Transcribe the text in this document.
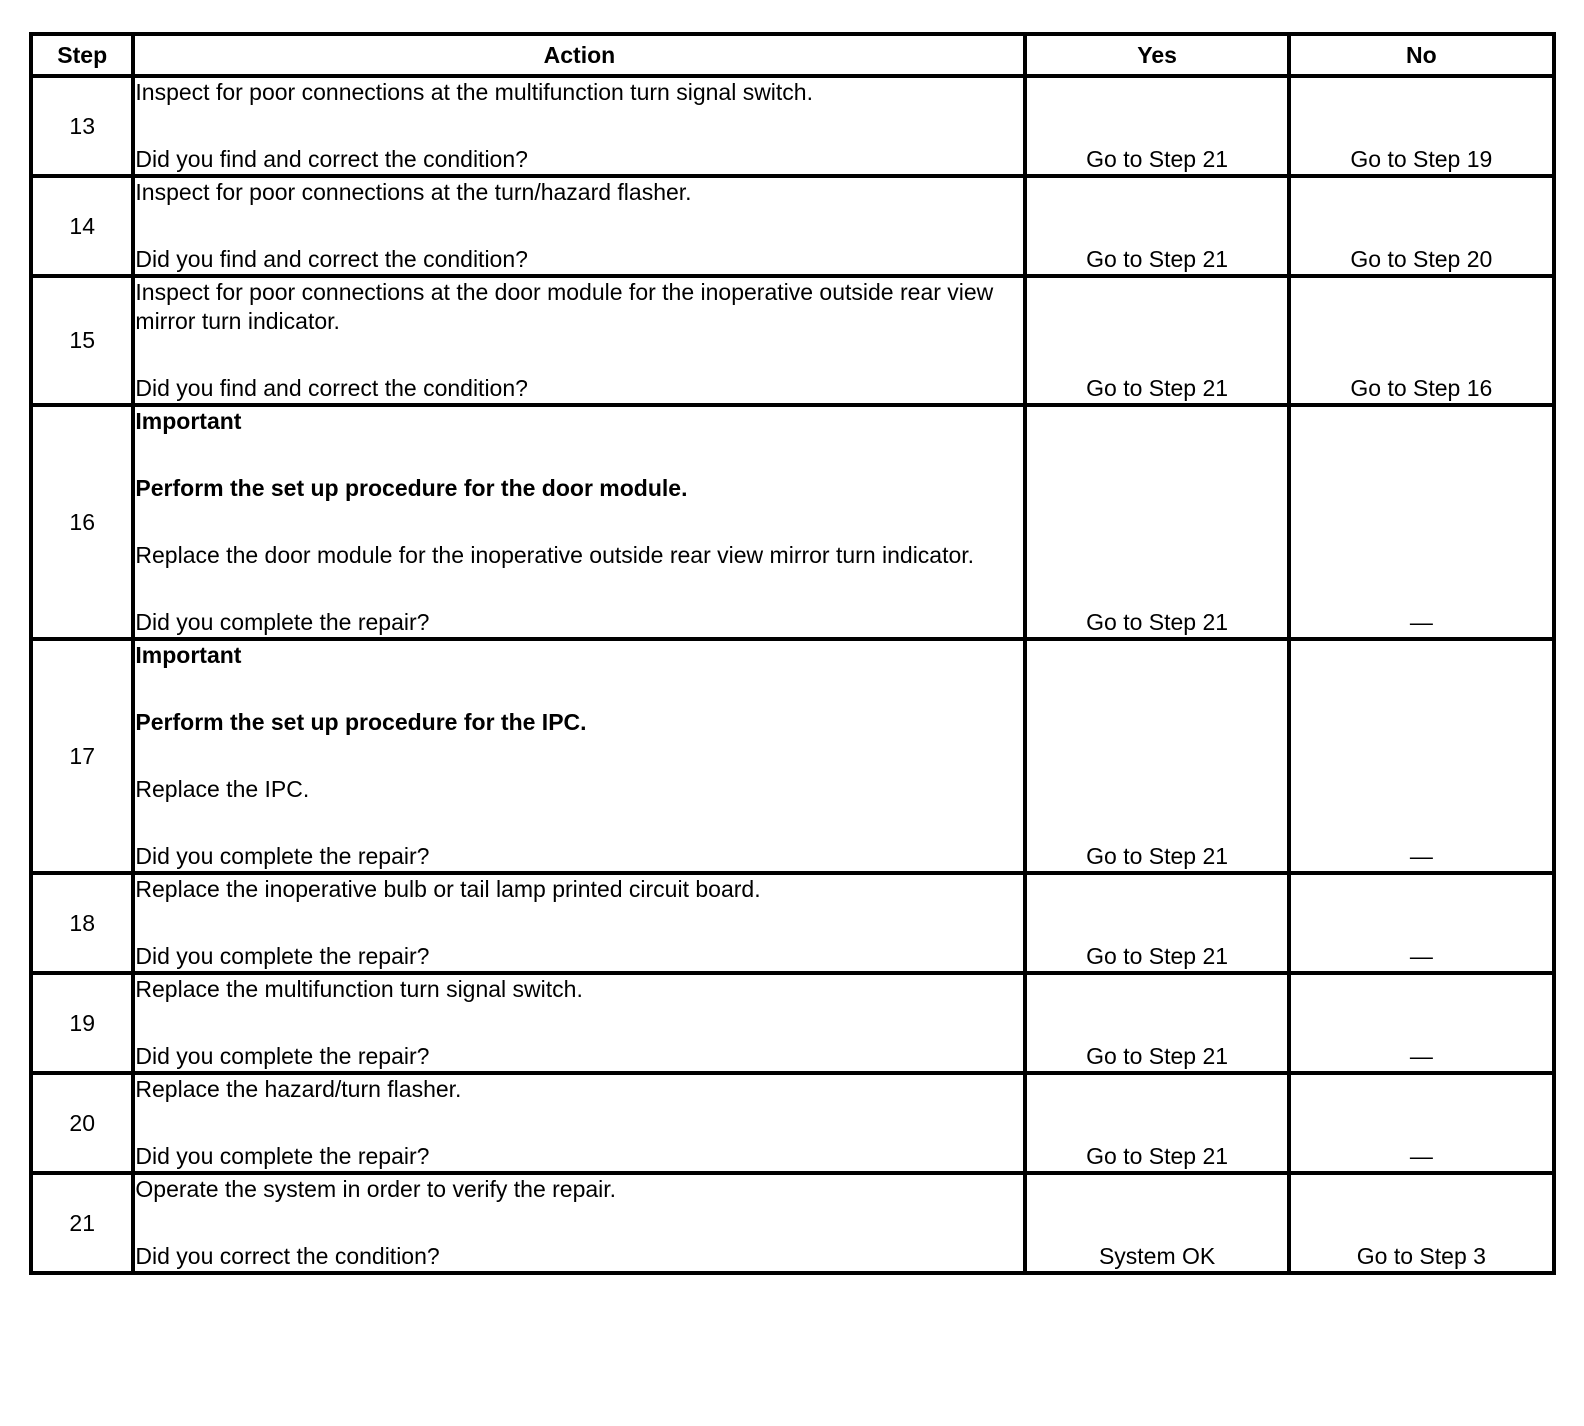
Step	Action	Yes	No
13	Inspect for poor connections at the multifunction turn signal switch.
Did you find and correct the condition?	Go to Step 21	Go to Step 19
14	Inspect for poor connections at the turn/hazard flasher.
Did you find and correct the condition?	Go to Step 21	Go to Step 20
15	Inspect for poor connections at the door module for the inoperative outside rear view mirror turn indicator.
Did you find and correct the condition?	Go to Step 21	Go to Step 16
16	Important
Perform the set up procedure for the door module.
Replace the door module for the inoperative outside rear view mirror turn indicator.
Did you complete the repair?	Go to Step 21	—
17	Important
Perform the set up procedure for the IPC.
Replace the IPC.
Did you complete the repair?	Go to Step 21	—
18	Replace the inoperative bulb or tail lamp printed circuit board.
Did you complete the repair?	Go to Step 21	—
19	Replace the multifunction turn signal switch.
Did you complete the repair?	Go to Step 21	—
20	Replace the hazard/turn flasher.
Did you complete the repair?	Go to Step 21	—
21	Operate the system in order to verify the repair.
Did you correct the condition?	System OK	Go to Step 3
